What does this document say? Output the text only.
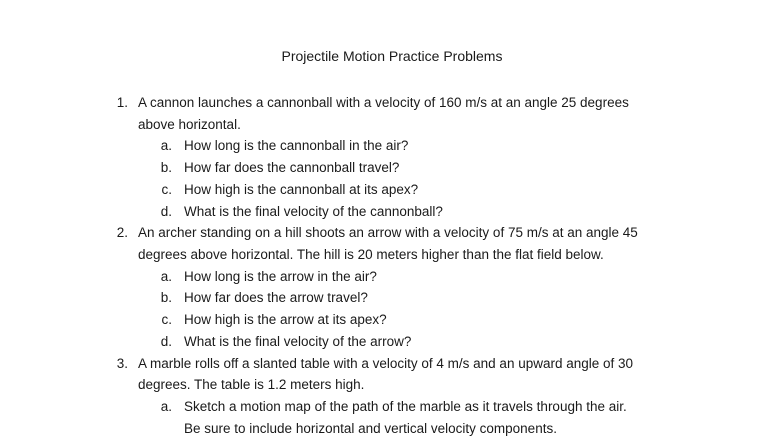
Projectile Motion Practice Problems
1. A cannon launches a cannonball with a velocity of 160 m/s at an angle 25 degrees
above horizontal.
a. How long is the cannonball in the air?
b. How far does the cannonball travel?
c. How high is the cannonball at its apex?
d. What is the final velocity of the cannonball?
2. An archer standing on a hill shoots an arrow with a velocity of 75 m/s at an angle 45
degrees above horizontal. The hill is 20 meters higher than the flat field below.
a. How long is the arrow in the air?
b. How far does the arrow travel?
c. How high is the arrow at its apex?
d. What is the final velocity of the arrow?
3. A marble rolls off a slanted table with a velocity of 4 m/s and an upward angle of 30
degrees. The table is 1.2 meters high.
a. Sketch a motion map of the path of the marble as it travels through the air.
Be sure to include horizontal and vertical velocity components.
